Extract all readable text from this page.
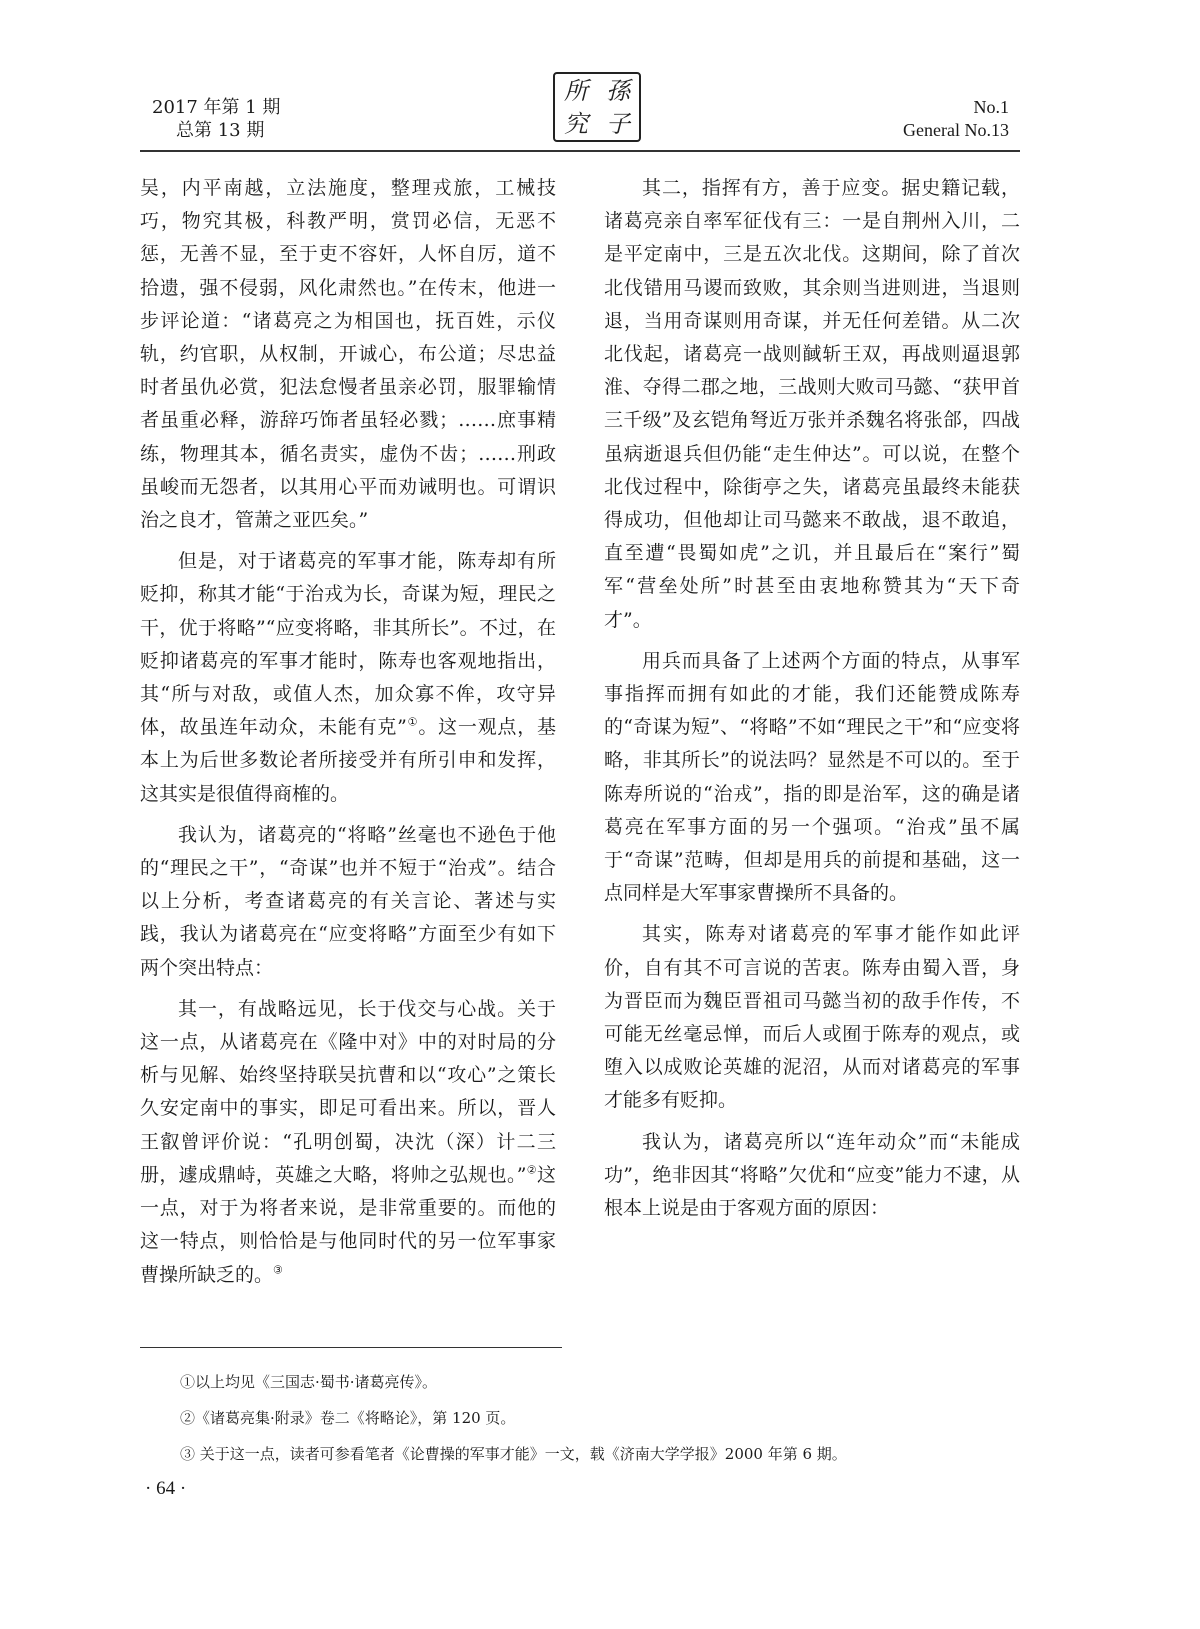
2017 年第 1 期
总第 13 期
所 孫
究 子
No.1
General No.13

吴，内平南越，立法施度，整理戎旅，工械技巧，物究其极，科教严明，赏罚必信，无恶不惩，无善不显，至于吏不容奸，人怀自厉，道不拾遗，强不侵弱，风化肃然也。”在传末，他进一步评论道：“诸葛亮之为相国也，抚百姓，示仪轨，约官职，从权制，开诚心，布公道；尽忠益时者虽仇必赏，犯法怠慢者虽亲必罚，服罪输情者虽重必释，游辞巧饰者虽轻必戮；……庶事精练，物理其本，循名责实，虚伪不齿；……刑政虽峻而无怨者，以其用心平而劝诫明也。可谓识治之良才，管萧之亚匹矣。”

但是，对于诸葛亮的军事才能，陈寿却有所贬抑，称其才能“于治戎为长，奇谋为短，理民之干，优于将略”“应变将略，非其所长”。不过，在贬抑诸葛亮的军事才能时，陈寿也客观地指出，其“所与对敌，或值人杰，加众寡不侔，攻守异体，故虽连年动众，未能有克”①。这一观点，基本上为后世多数论者所接受并有所引申和发挥，这其实是很值得商榷的。

我认为，诸葛亮的“将略”丝毫也不逊色于他的“理民之干”，“奇谋”也并不短于“治戎”。结合以上分析，考查诸葛亮的有关言论、著述与实践，我认为诸葛亮在“应变将略”方面至少有如下两个突出特点：

其一，有战略远见，长于伐交与心战。关于这一点，从诸葛亮在《隆中对》中的对时局的分析与见解、始终坚持联吴抗曹和以“攻心”之策长久安定南中的事实，即足可看出来。所以，晋人王叡曾评价说：“孔明创蜀，决沈（深）计二三册，遽成鼎峙，英雄之大略，将帅之弘规也。”②这一点，对于为将者来说，是非常重要的。而他的这一特点，则恰恰是与他同时代的另一位军事家曹操所缺乏的。③

其二，指挥有方，善于应变。据史籍记载，诸葛亮亲自率军征伐有三：一是自荆州入川，二是平定南中，三是五次北伐。这期间，除了首次北伐错用马谡而致败，其余则当进则进，当退则退，当用奇谋则用奇谋，并无任何差错。从二次北伐起，诸葛亮一战则馘斩王双，再战则逼退郭淮、夺得二郡之地，三战则大败司马懿、“获甲首三千级”及玄铠角弩近万张并杀魏名将张郃，四战虽病逝退兵但仍能“走生仲达”。可以说，在整个北伐过程中，除街亭之失，诸葛亮虽最终未能获得成功，但他却让司马懿来不敢战，退不敢追，直至遭“畏蜀如虎”之讥，并且最后在“案行”蜀军“营垒处所”时甚至由衷地称赞其为“天下奇才”。

用兵而具备了上述两个方面的特点，从事军事指挥而拥有如此的才能，我们还能赞成陈寿的“奇谋为短”、“将略”不如“理民之干”和“应变将略，非其所长”的说法吗？显然是不可以的。至于陈寿所说的“治戎”，指的即是治军，这的确是诸葛亮在军事方面的另一个强项。“治戎”虽不属于“奇谋”范畴，但却是用兵的前提和基础，这一点同样是大军事家曹操所不具备的。

其实，陈寿对诸葛亮的军事才能作如此评价，自有其不可言说的苦衷。陈寿由蜀入晋，身为晋臣而为魏臣晋祖司马懿当初的敌手作传，不可能无丝毫忌惮，而后人或囿于陈寿的观点，或堕入以成败论英雄的泥沼，从而对诸葛亮的军事才能多有贬抑。

我认为，诸葛亮所以“连年动众”而“未能成功”，绝非因其“将略”欠优和“应变”能力不逮，从根本上说是由于客观方面的原因：

①以上均见《三国志·蜀书·诸葛亮传》。
②《诸葛亮集·附录》卷二《将略论》，第 120 页。
③ 关于这一点，读者可参看笔者《论曹操的军事才能》一文，载《济南大学学报》2000 年第 6 期。
· 64 ·
